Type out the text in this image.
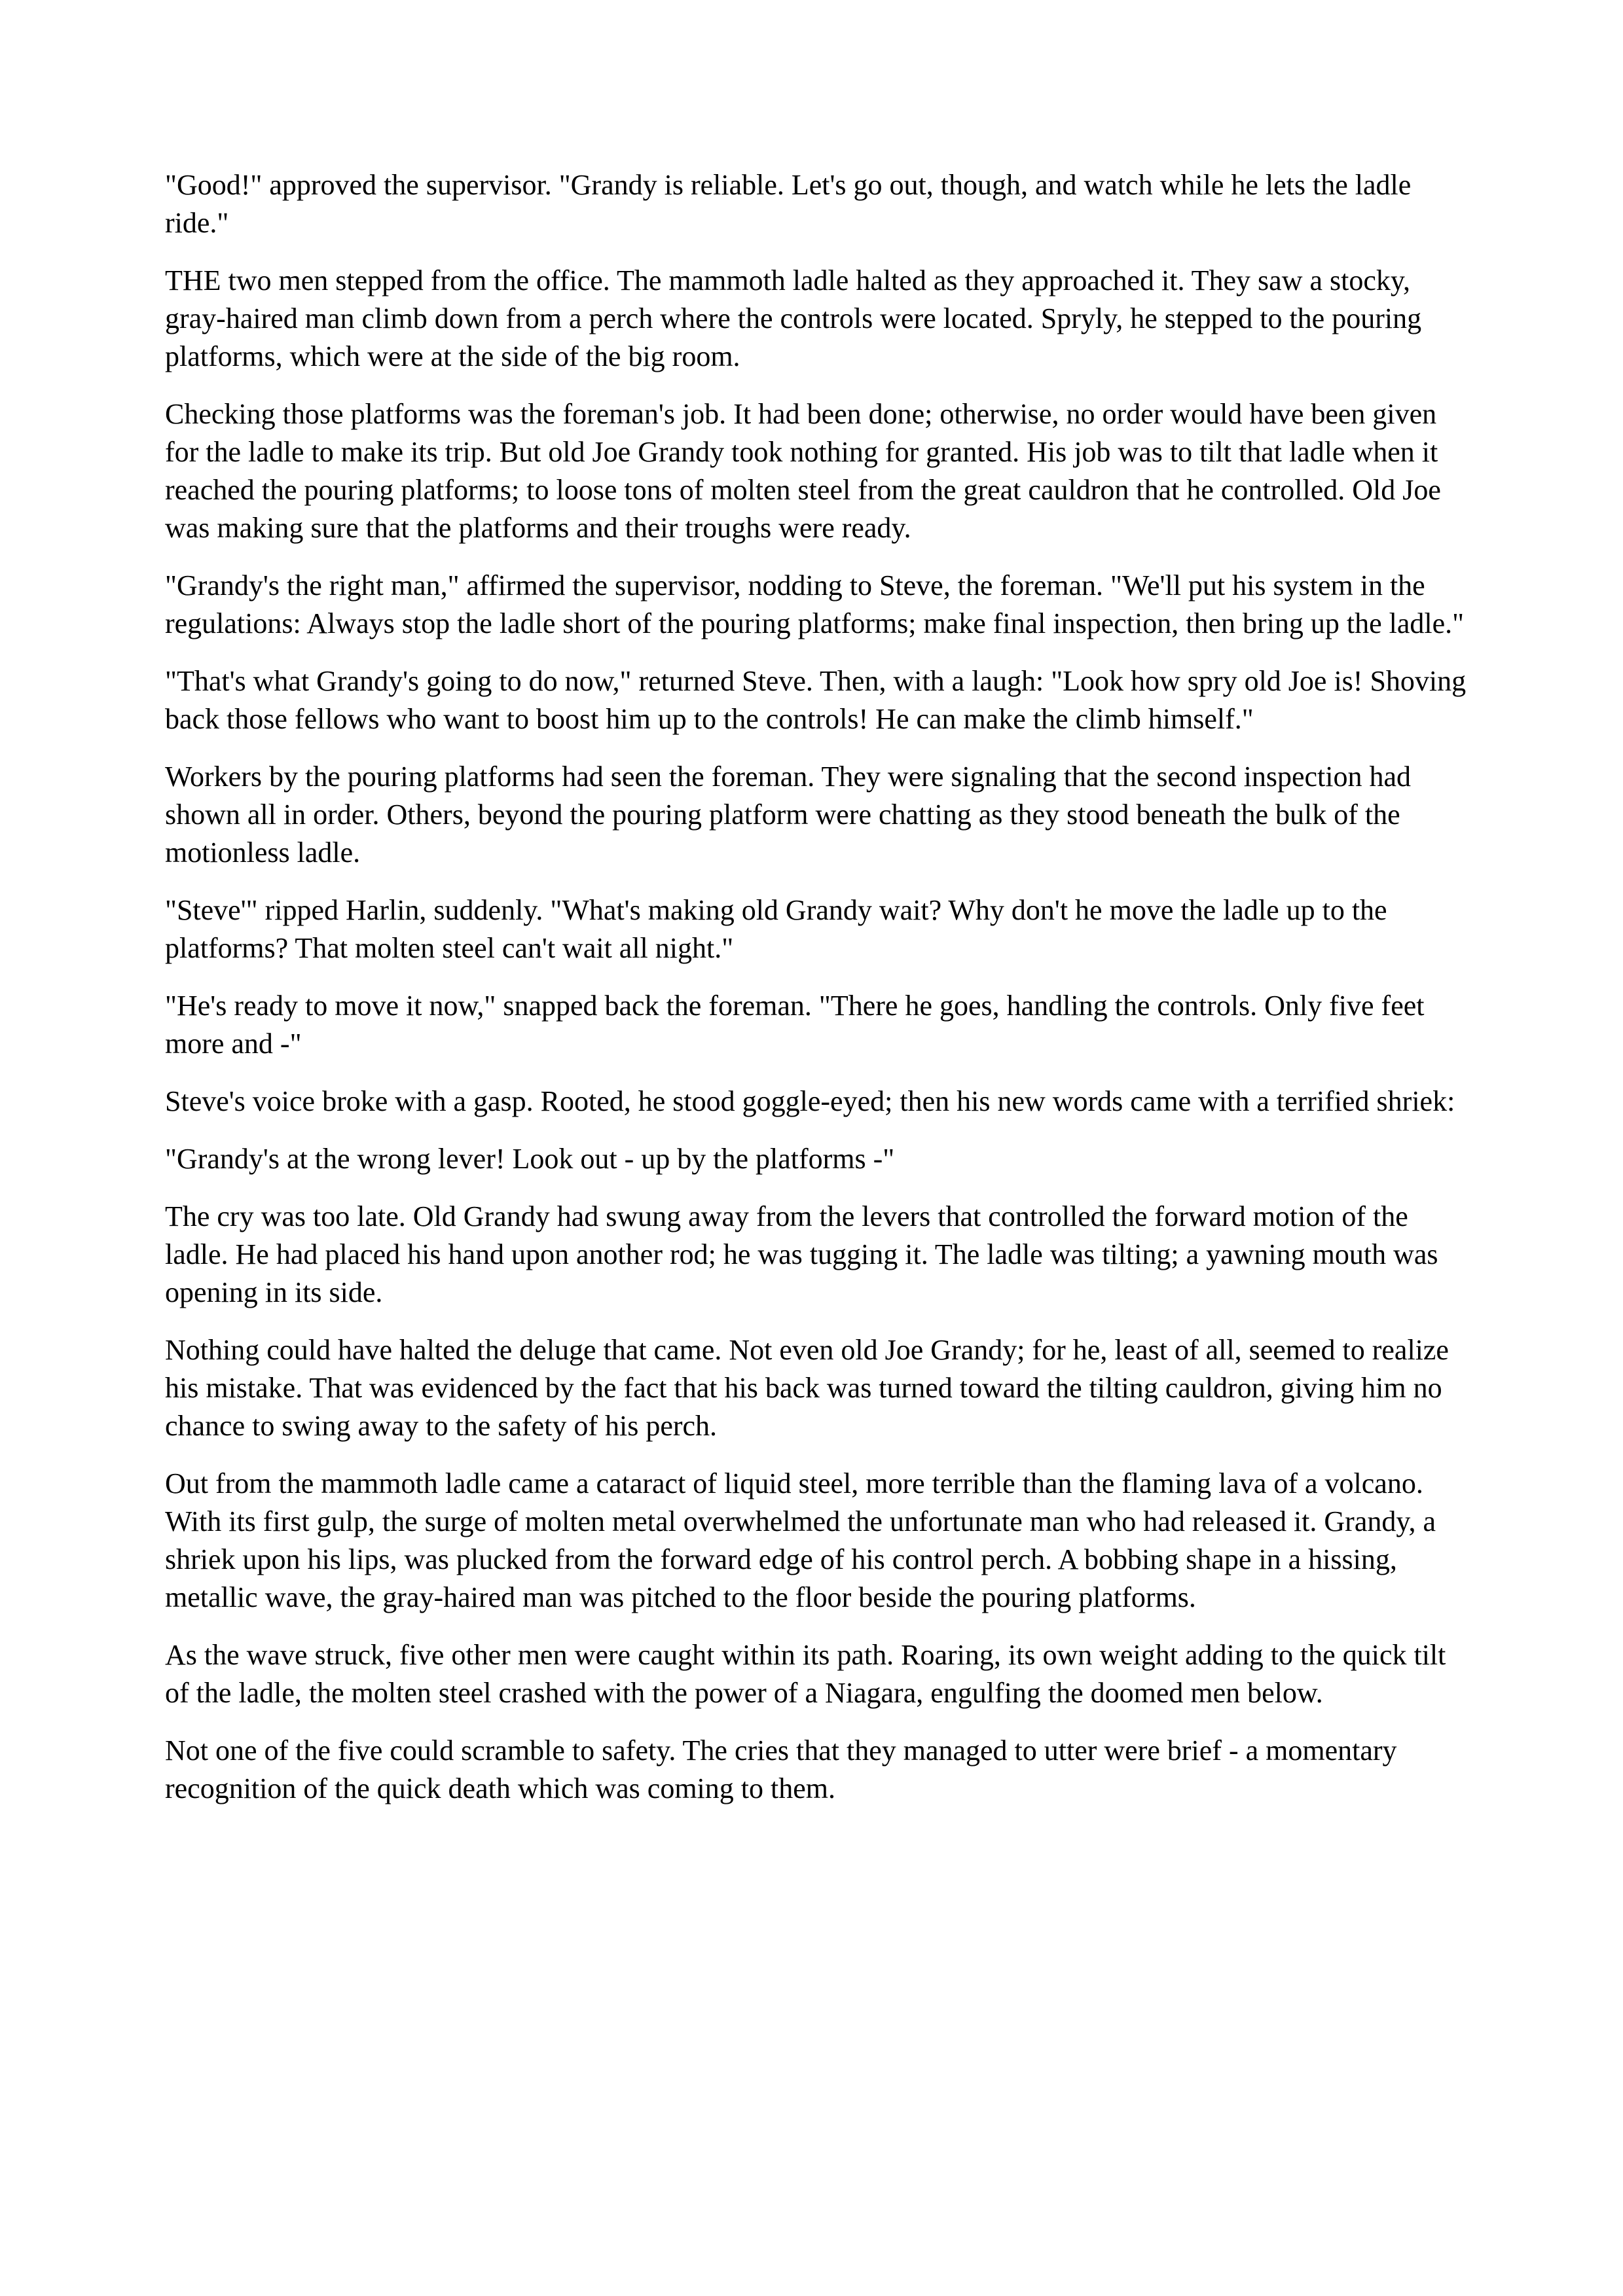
"Good!" approved the supervisor. "Grandy is reliable. Let's go out, though, and watch while he lets the ladle ride."

THE two men stepped from the office. The mammoth ladle halted as they approached it. They saw a stocky, gray-haired man climb down from a perch where the controls were located. Spryly, he stepped to the pouring platforms, which were at the side of the big room.

Checking those platforms was the foreman's job. It had been done; otherwise, no order would have been given for the ladle to make its trip. But old Joe Grandy took nothing for granted. His job was to tilt that ladle when it reached the pouring platforms; to loose tons of molten steel from the great cauldron that he controlled. Old Joe was making sure that the platforms and their troughs were ready.

"Grandy's the right man," affirmed the supervisor, nodding to Steve, the foreman. "We'll put his system in the regulations: Always stop the ladle short of the pouring platforms; make final inspection, then bring up the ladle."

"That's what Grandy's going to do now," returned Steve. Then, with a laugh: "Look how spry old Joe is! Shoving back those fellows who want to boost him up to the controls! He can make the climb himself."

Workers by the pouring platforms had seen the foreman. They were signaling that the second inspection had shown all in order. Others, beyond the pouring platform were chatting as they stood beneath the bulk of the motionless ladle.

"Steve'" ripped Harlin, suddenly. "What's making old Grandy wait? Why don't he move the ladle up to the platforms? That molten steel can't wait all night."

"He's ready to move it now," snapped back the foreman. "There he goes, handling the controls. Only five feet more and -"

Steve's voice broke with a gasp. Rooted, he stood goggle-eyed; then his new words came with a terrified shriek:

"Grandy's at the wrong lever! Look out - up by the platforms -"

The cry was too late. Old Grandy had swung away from the levers that controlled the forward motion of the ladle. He had placed his hand upon another rod; he was tugging it. The ladle was tilting; a yawning mouth was opening in its side.

Nothing could have halted the deluge that came. Not even old Joe Grandy; for he, least of all, seemed to realize his mistake. That was evidenced by the fact that his back was turned toward the tilting cauldron, giving him no chance to swing away to the safety of his perch.

Out from the mammoth ladle came a cataract of liquid steel, more terrible than the flaming lava of a volcano. With its first gulp, the surge of molten metal overwhelmed the unfortunate man who had released it. Grandy, a shriek upon his lips, was plucked from the forward edge of his control perch. A bobbing shape in a hissing, metallic wave, the gray-haired man was pitched to the floor beside the pouring platforms.

As the wave struck, five other men were caught within its path. Roaring, its own weight adding to the quick tilt of the ladle, the molten steel crashed with the power of a Niagara, engulfing the doomed men below.

Not one of the five could scramble to safety. The cries that they managed to utter were brief - a momentary recognition of the quick death which was coming to them.
